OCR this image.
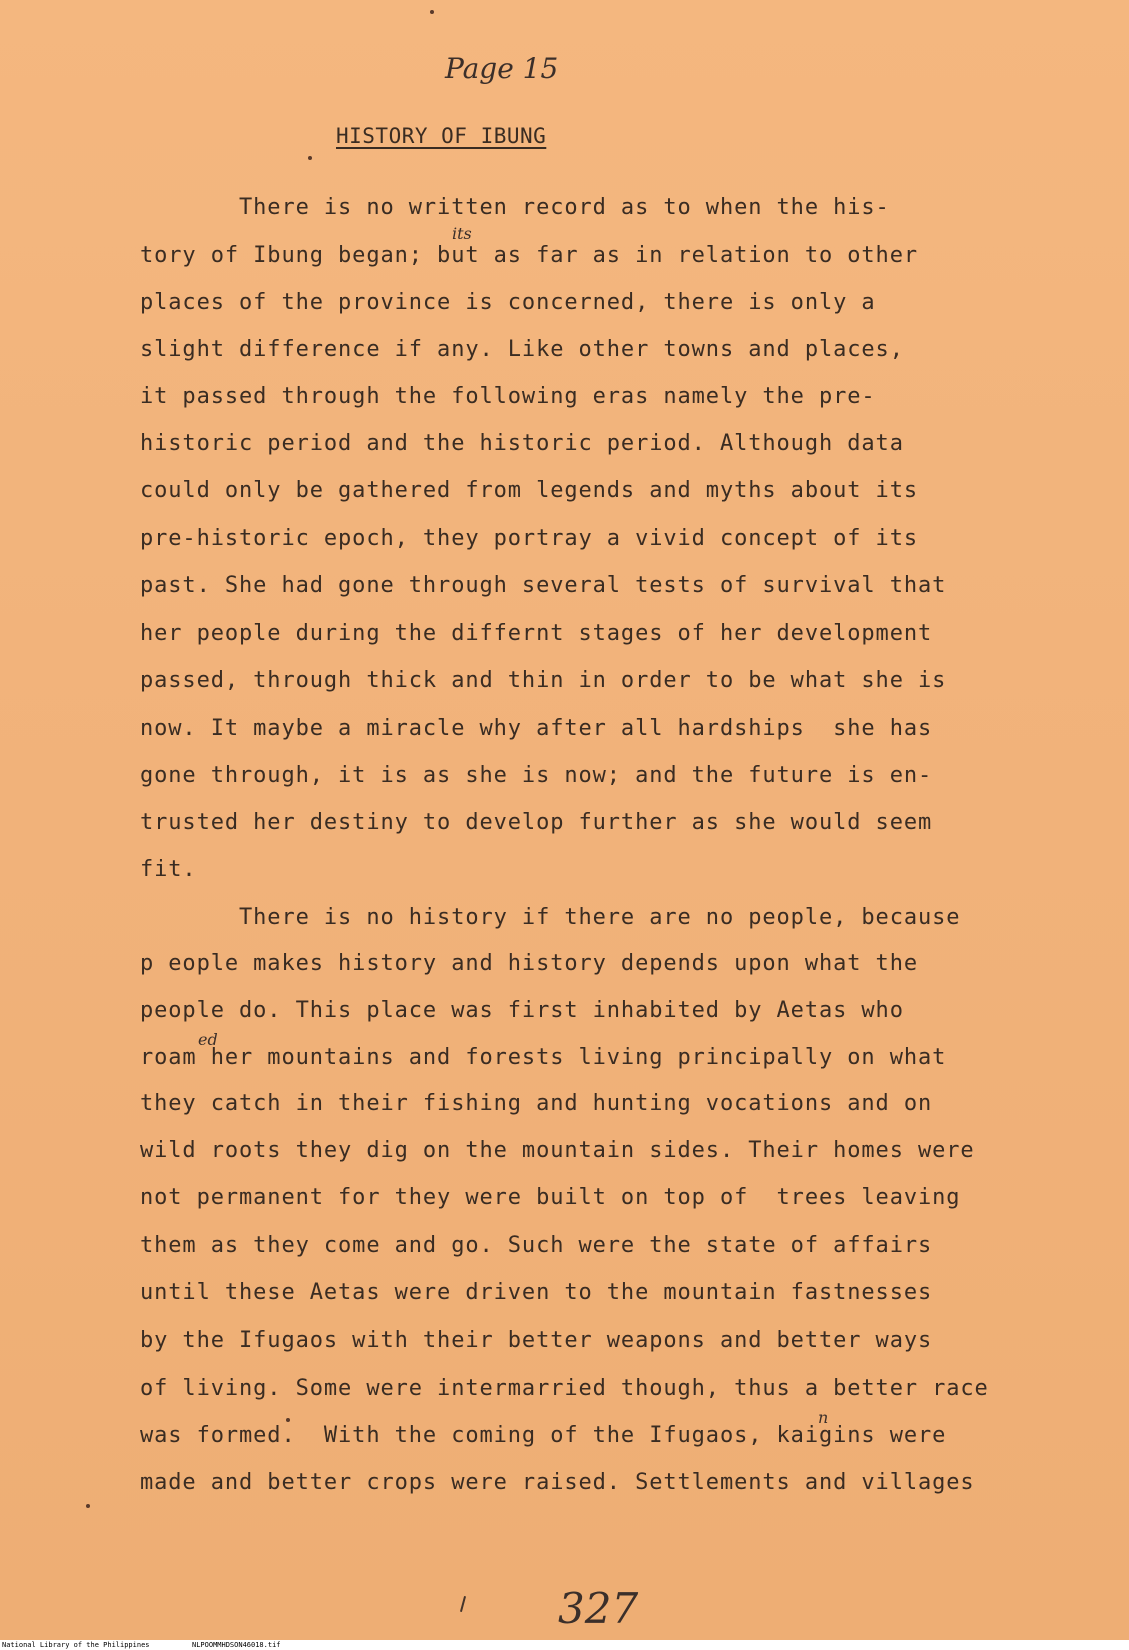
Page 15
HISTORY OF IBUNG
There is no written record as to when the his-
tory of Ibung began; but as far as in relation to other
places of the province is concerned, there is only a
slight difference if any. Like other towns and places,
it passed through the following eras namely the pre-
historic period and the historic period. Although data
could only be gathered from legends and myths about its
pre-historic epoch, they portray a vivid concept of its
past. She had gone through several tests of survival that
her people during the differnt stages of her development
passed, through thick and thin in order to be what she is
now. It maybe a miracle why after all hardships  she has
gone through, it is as she is now; and the future is en-
trusted her destiny to develop further as she would seem
fit.
There is no history if there are no people, because
p eople makes history and history depends upon what the
people do. This place was first inhabited by Aetas who
roam her mountains and forests living principally on what
they catch in their fishing and hunting vocations and on
wild roots they dig on the mountain sides. Their homes were
not permanent for they were built on top of  trees leaving
them as they come and go. Such were the state of affairs
until these Aetas were driven to the mountain fastnesses
by the Ifugaos with their better weapons and better ways
of living. Some were intermarried though, thus a better race
was formed.  With the coming of the Ifugaos, kaigins were
made and better crops were raised. Settlements and villages
its
ed
n
327
National Library of the Philippines	NLPOOMMHDSON46018.tif
